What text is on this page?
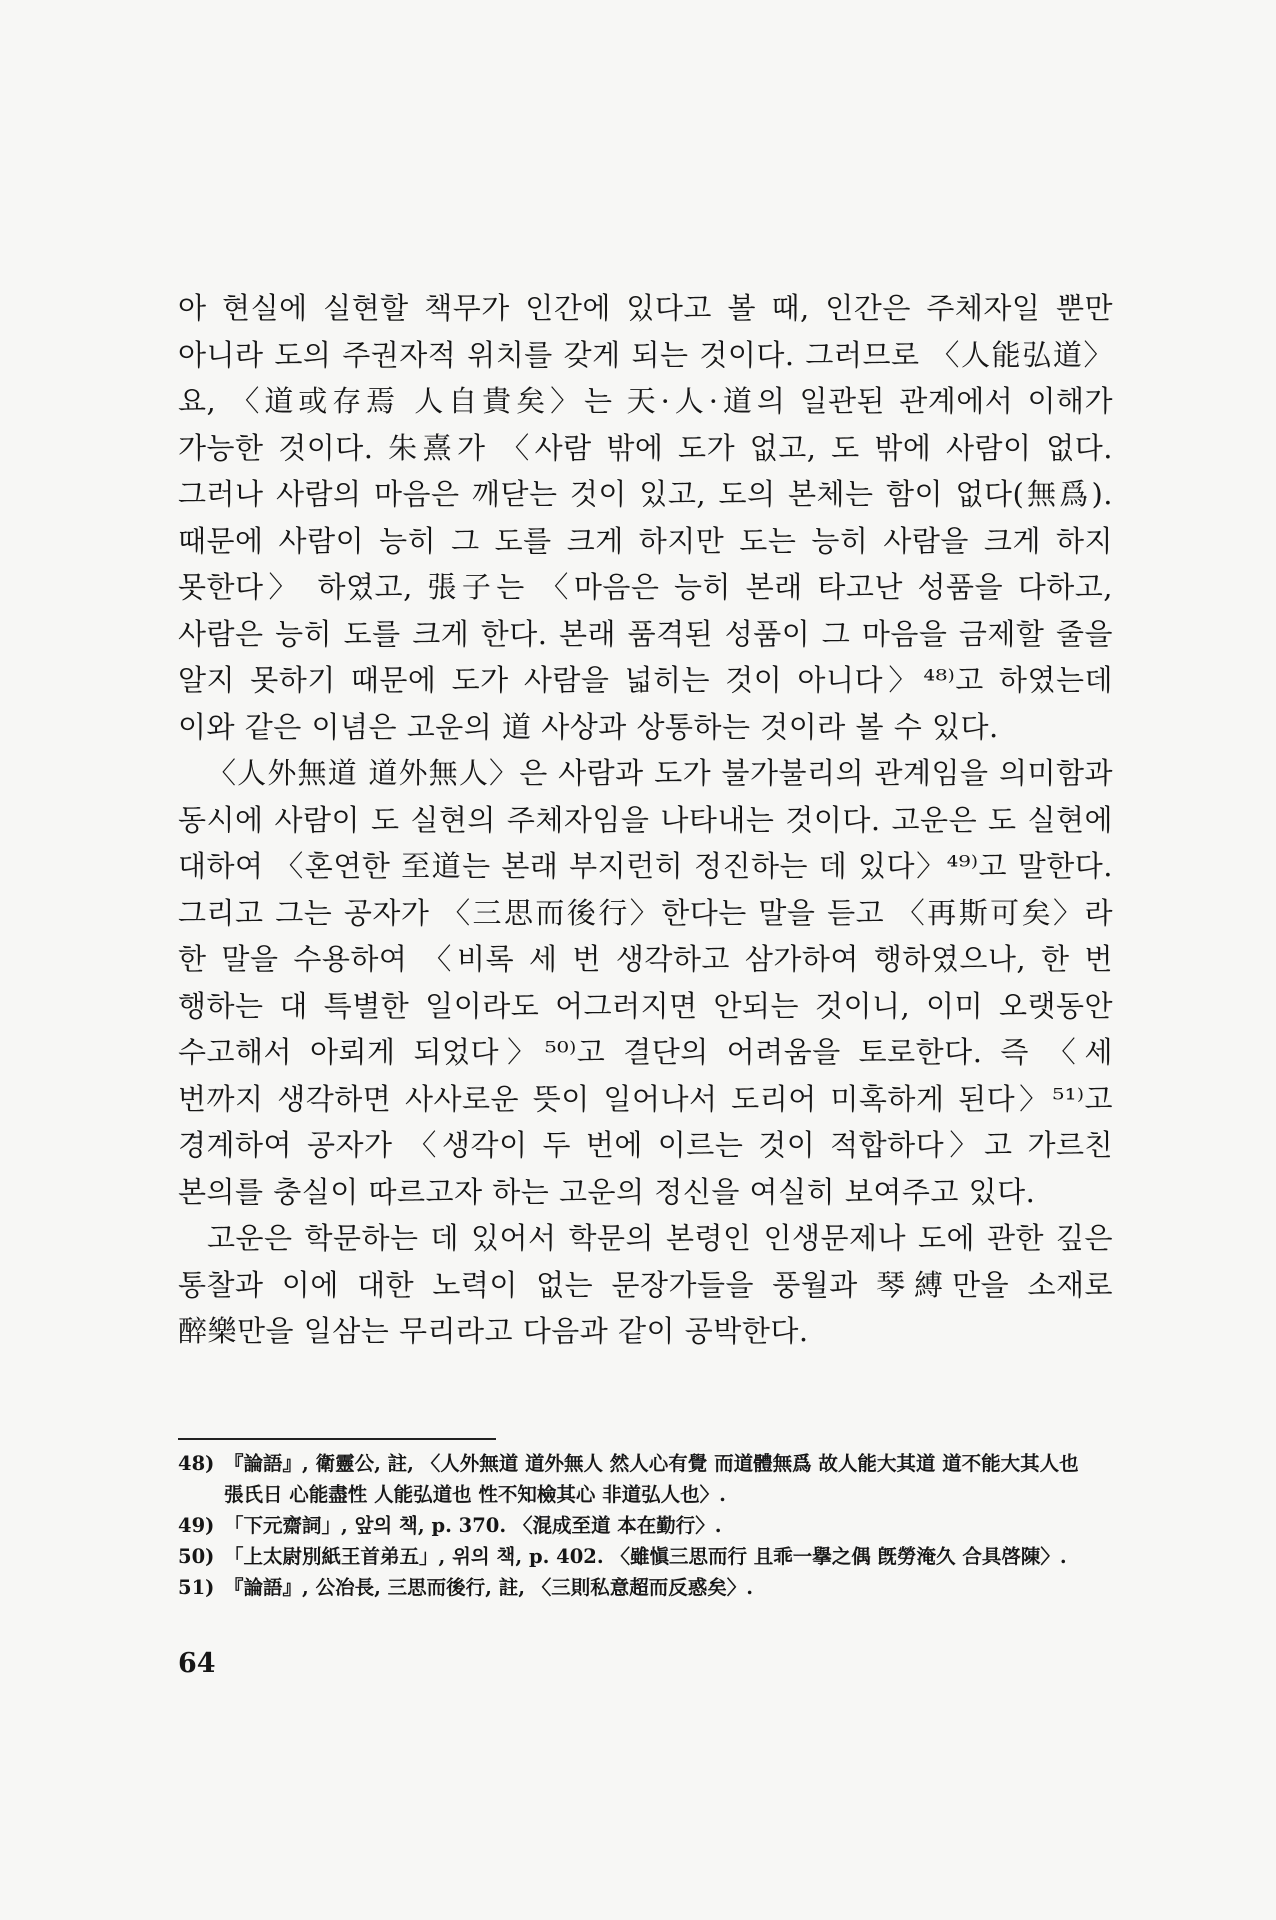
아 현실에 실현할 책무가 인간에 있다고 볼 때, 인간은 주체자일 뿐만 아니라 도의 주권자적 위치를 갖게 되는 것이다. 그러므로 〈人能弘道〉요, 〈道或存焉 人自貴矣〉는 天·人·道의 일관된 관계에서 이해가 가능한 것이다. 朱熹가 〈사람 밖에 도가 없고, 도 밖에 사람이 없다. 그러나 사람의 마음은 깨닫는 것이 있고, 도의 본체는 함이 없다(無爲). 때문에 사람이 능히 그 도를 크게 하지만 도는 능히 사람을 크게 하지 못한다〉 하였고, 張子는 〈마음은 능히 본래 타고난 성품을 다하고, 사람은 능히 도를 크게 한다. 본래 품격된 성품이 그 마음을 금제할 줄을 알지 못하기 때문에 도가 사람을 넓히는 것이 아니다〉⁴⁸⁾고 하였는데 이와 같은 이념은 고운의 道 사상과 상통하는 것이라 볼 수 있다.

〈人外無道 道外無人〉은 사람과 도가 불가불리의 관계임을 의미함과 동시에 사람이 도 실현의 주체자임을 나타내는 것이다. 고운은 도 실현에 대하여 〈혼연한 至道는 본래 부지런히 정진하는 데 있다〉⁴⁹⁾고 말한다. 그리고 그는 공자가 〈三思而後行〉한다는 말을 듣고 〈再斯可矣〉라 한 말을 수용하여 〈비록 세 번 생각하고 삼가하여 행하였으나, 한 번 행하는 대 특별한 일이라도 어그러지면 안되는 것이니, 이미 오랫동안 수고해서 아뢰게 되었다〉⁵⁰⁾고 결단의 어려움을 토로한다. 즉 〈세 번까지 생각하면 사사로운 뜻이 일어나서 도리어 미혹하게 된다〉⁵¹⁾고 경계하여 공자가 〈생각이 두 번에 이르는 것이 적합하다〉고 가르친 본의를 충실이 따르고자 하는 고운의 정신을 여실히 보여주고 있다.

고운은 학문하는 데 있어서 학문의 본령인 인생문제나 도에 관한 깊은 통찰과 이에 대한 노력이 없는 문장가들을 풍월과 琴縛만을 소재로 醉樂만을 일삼는 무리라고 다음과 같이 공박한다.

48) 『論語』, 衛靈公, 註, 〈人外無道 道外無人 然人心有覺 而道體無爲 故人能大其道 道不能大其人也 張氏日 心能盡性 人能弘道也 性不知檢其心 非道弘人也〉.
49) 「下元齋詞」, 앞의 책, p. 370. 〈混成至道 本在勤行〉.
50) 「上太尉別紙王首弟五」, 위의 책, p. 402. 〈雖愼三思而行 且乖一擧之偶 旣勞淹久 合具啓陳〉.
51) 『論語』, 公冶長, 三思而後行, 註, 〈三則私意超而反惑矣〉.
64
